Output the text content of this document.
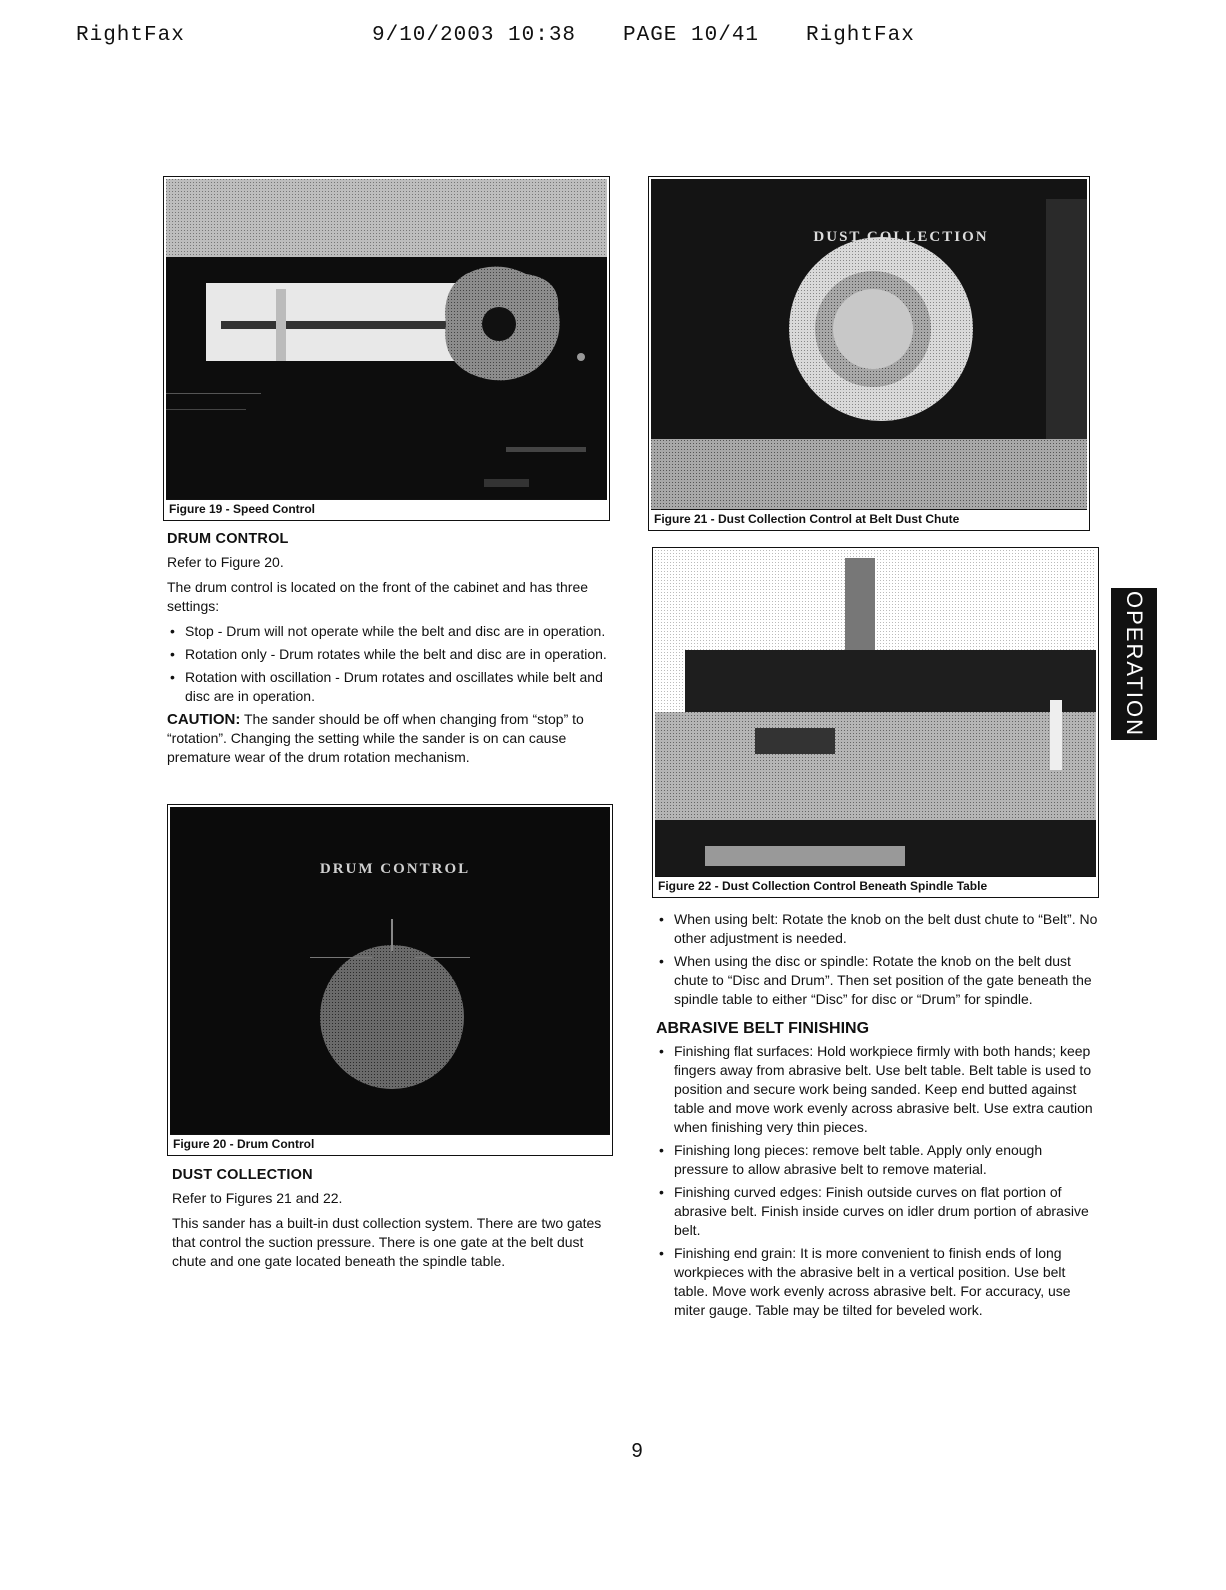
RightFax	9/10/2003 10:38 PAGE 10/41 RightFax
Figure 19 - Speed Control
DUST COLLECTION
Figure 21 - Dust Collection Control at Belt Dust Chute
Figure 22 - Dust Collection Control Beneath Spindle Table
DRUM CONTROL

Refer to Figure 20.

The drum control is located on the front of the cabinet and has three settings:

• Stop - Drum will not operate while the belt and disc are in operation.
• Rotation only - Drum rotates while the belt and disc are in operation.
• Rotation with oscillation - Drum rotates and oscillates while belt and disc are in operation.

CAUTION: The sander should be off when changing from “stop” to “rotation”. Changing the setting while the sander is on can cause premature wear of the drum rotation mechanism.

DRUM CONTROL
Figure 20 - Drum Control
DUST COLLECTION

Refer to Figures 21 and 22.

This sander has a built-in dust collection system. There are two gates that control the suction pressure. There is one gate at the belt dust chute and one gate located beneath the spindle table.

• When using belt: Rotate the knob on the belt dust chute to “Belt”. No other adjustment is needed.
• When using the disc or spindle: Rotate the knob on the belt dust chute to “Disc and Drum”. Then set position of the gate beneath the spindle table to either “Disc” for disc or “Drum” for spindle.
ABRASIVE BELT FINISHING
• Finishing flat surfaces: Hold workpiece firmly with both hands; keep fingers away from abrasive belt. Use belt table. Belt table is used to position and secure work being sanded. Keep end butted against table and move work evenly across abrasive belt. Use extra caution when finishing very thin pieces.
• Finishing long pieces: remove belt table. Apply only enough pressure to allow abrasive belt to remove material.
• Finishing curved edges: Finish outside curves on flat portion of abrasive belt. Finish inside curves on idler drum portion of abrasive belt.
• Finishing end grain: It is more convenient to finish ends of long workpieces with the abrasive belt in a vertical position. Use belt table. Move work evenly across abrasive belt. For accuracy, use miter gauge. Table may be tilted for beveled work.
OPERATION
9
